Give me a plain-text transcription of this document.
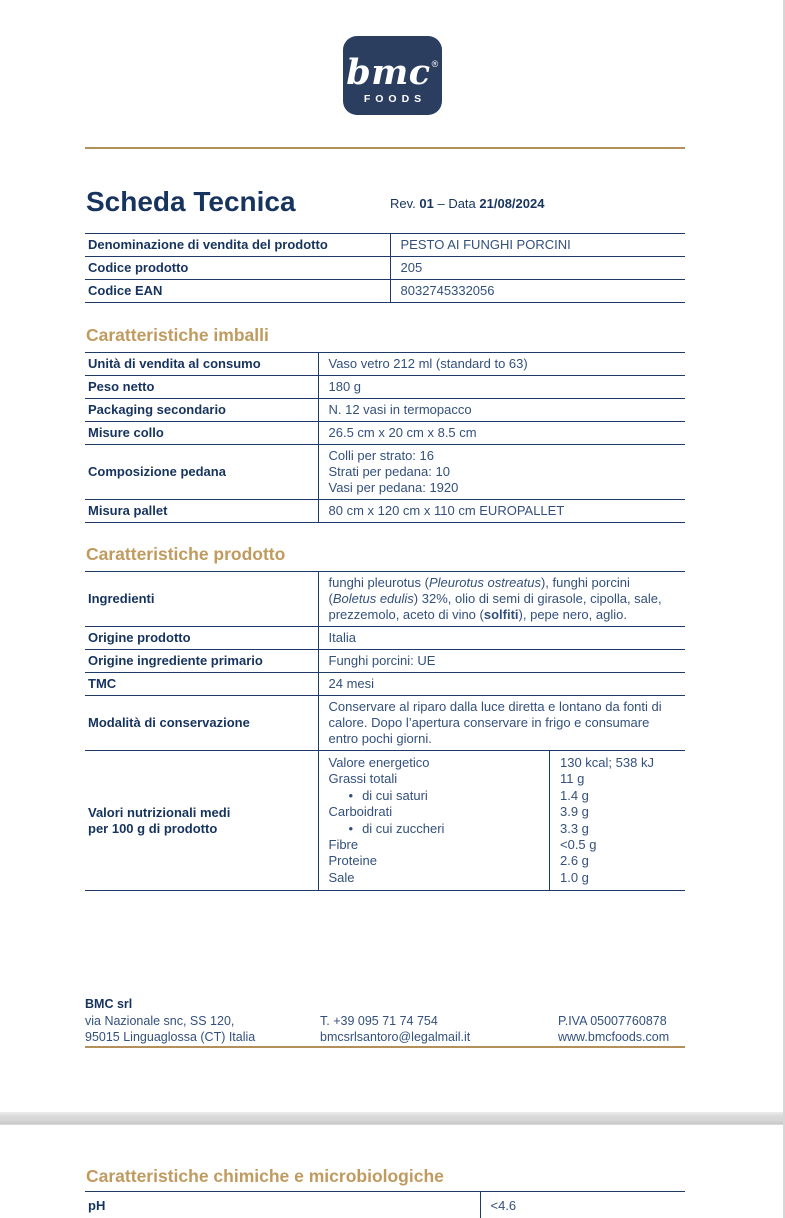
bmc®
FOODS
Scheda Tecnica	Rev. 01 – Data 21/08/2024
Denominazione di vendita del prodotto	PESTO AI FUNGHI PORCINI
Codice prodotto	205
Codice EAN	8032745332056
Caratteristiche imballi
Unità di vendita al consumo	Vaso vetro 212 ml (standard to 63)
Peso netto	180 g
Packaging secondario	N. 12 vasi in termopacco
Misure collo	26.5 cm x 20 cm x 8.5 cm
Composizione pedana	Colli per strato: 16
Strati per pedana: 10
Vasi per pedana: 1920

Misura pallet	80 cm x 120 cm x 110 cm EUROPALLET
Caratteristiche prodotto
Ingredienti	funghi pleurotus (Pleurotus ostreatus), funghi porcini (Boletus edulis) 32%, olio di semi di girasole, cipolla, sale, prezzemolo, aceto di vino (solfiti), pepe nero, aglio.
Origine prodotto	Italia
Origine ingrediente primario	Funghi porcini: UE
TMC	24 mesi
Modalità di conservazione	Conservare al riparo dalla luce diretta e lontano da fonti di calore. Dopo l’apertura conservare in frigo e consumare entro pochi giorni.

Valori nutrizionali medi
per 100 g di prodotto

Valore energetico	130 kcal; 538 kJ
Grassi totali	11 g
• di cui saturi	1.4 g
Carboidrati	3.9 g
• di cui zuccheri	3.3 g
Fibre	<0.5 g
Proteine	2.6 g
Sale	1.0 g
BMC srl
via Nazionale snc, SS 120,
95015 Linguaglossa (CT) Italia
T. +39 095 71 74 754
bmcsrlsantoro@legalmail.it
P.IVA 05007760878
www.bmcfoods.com
Caratteristiche chimiche e microbiologiche
pH	<4.6
